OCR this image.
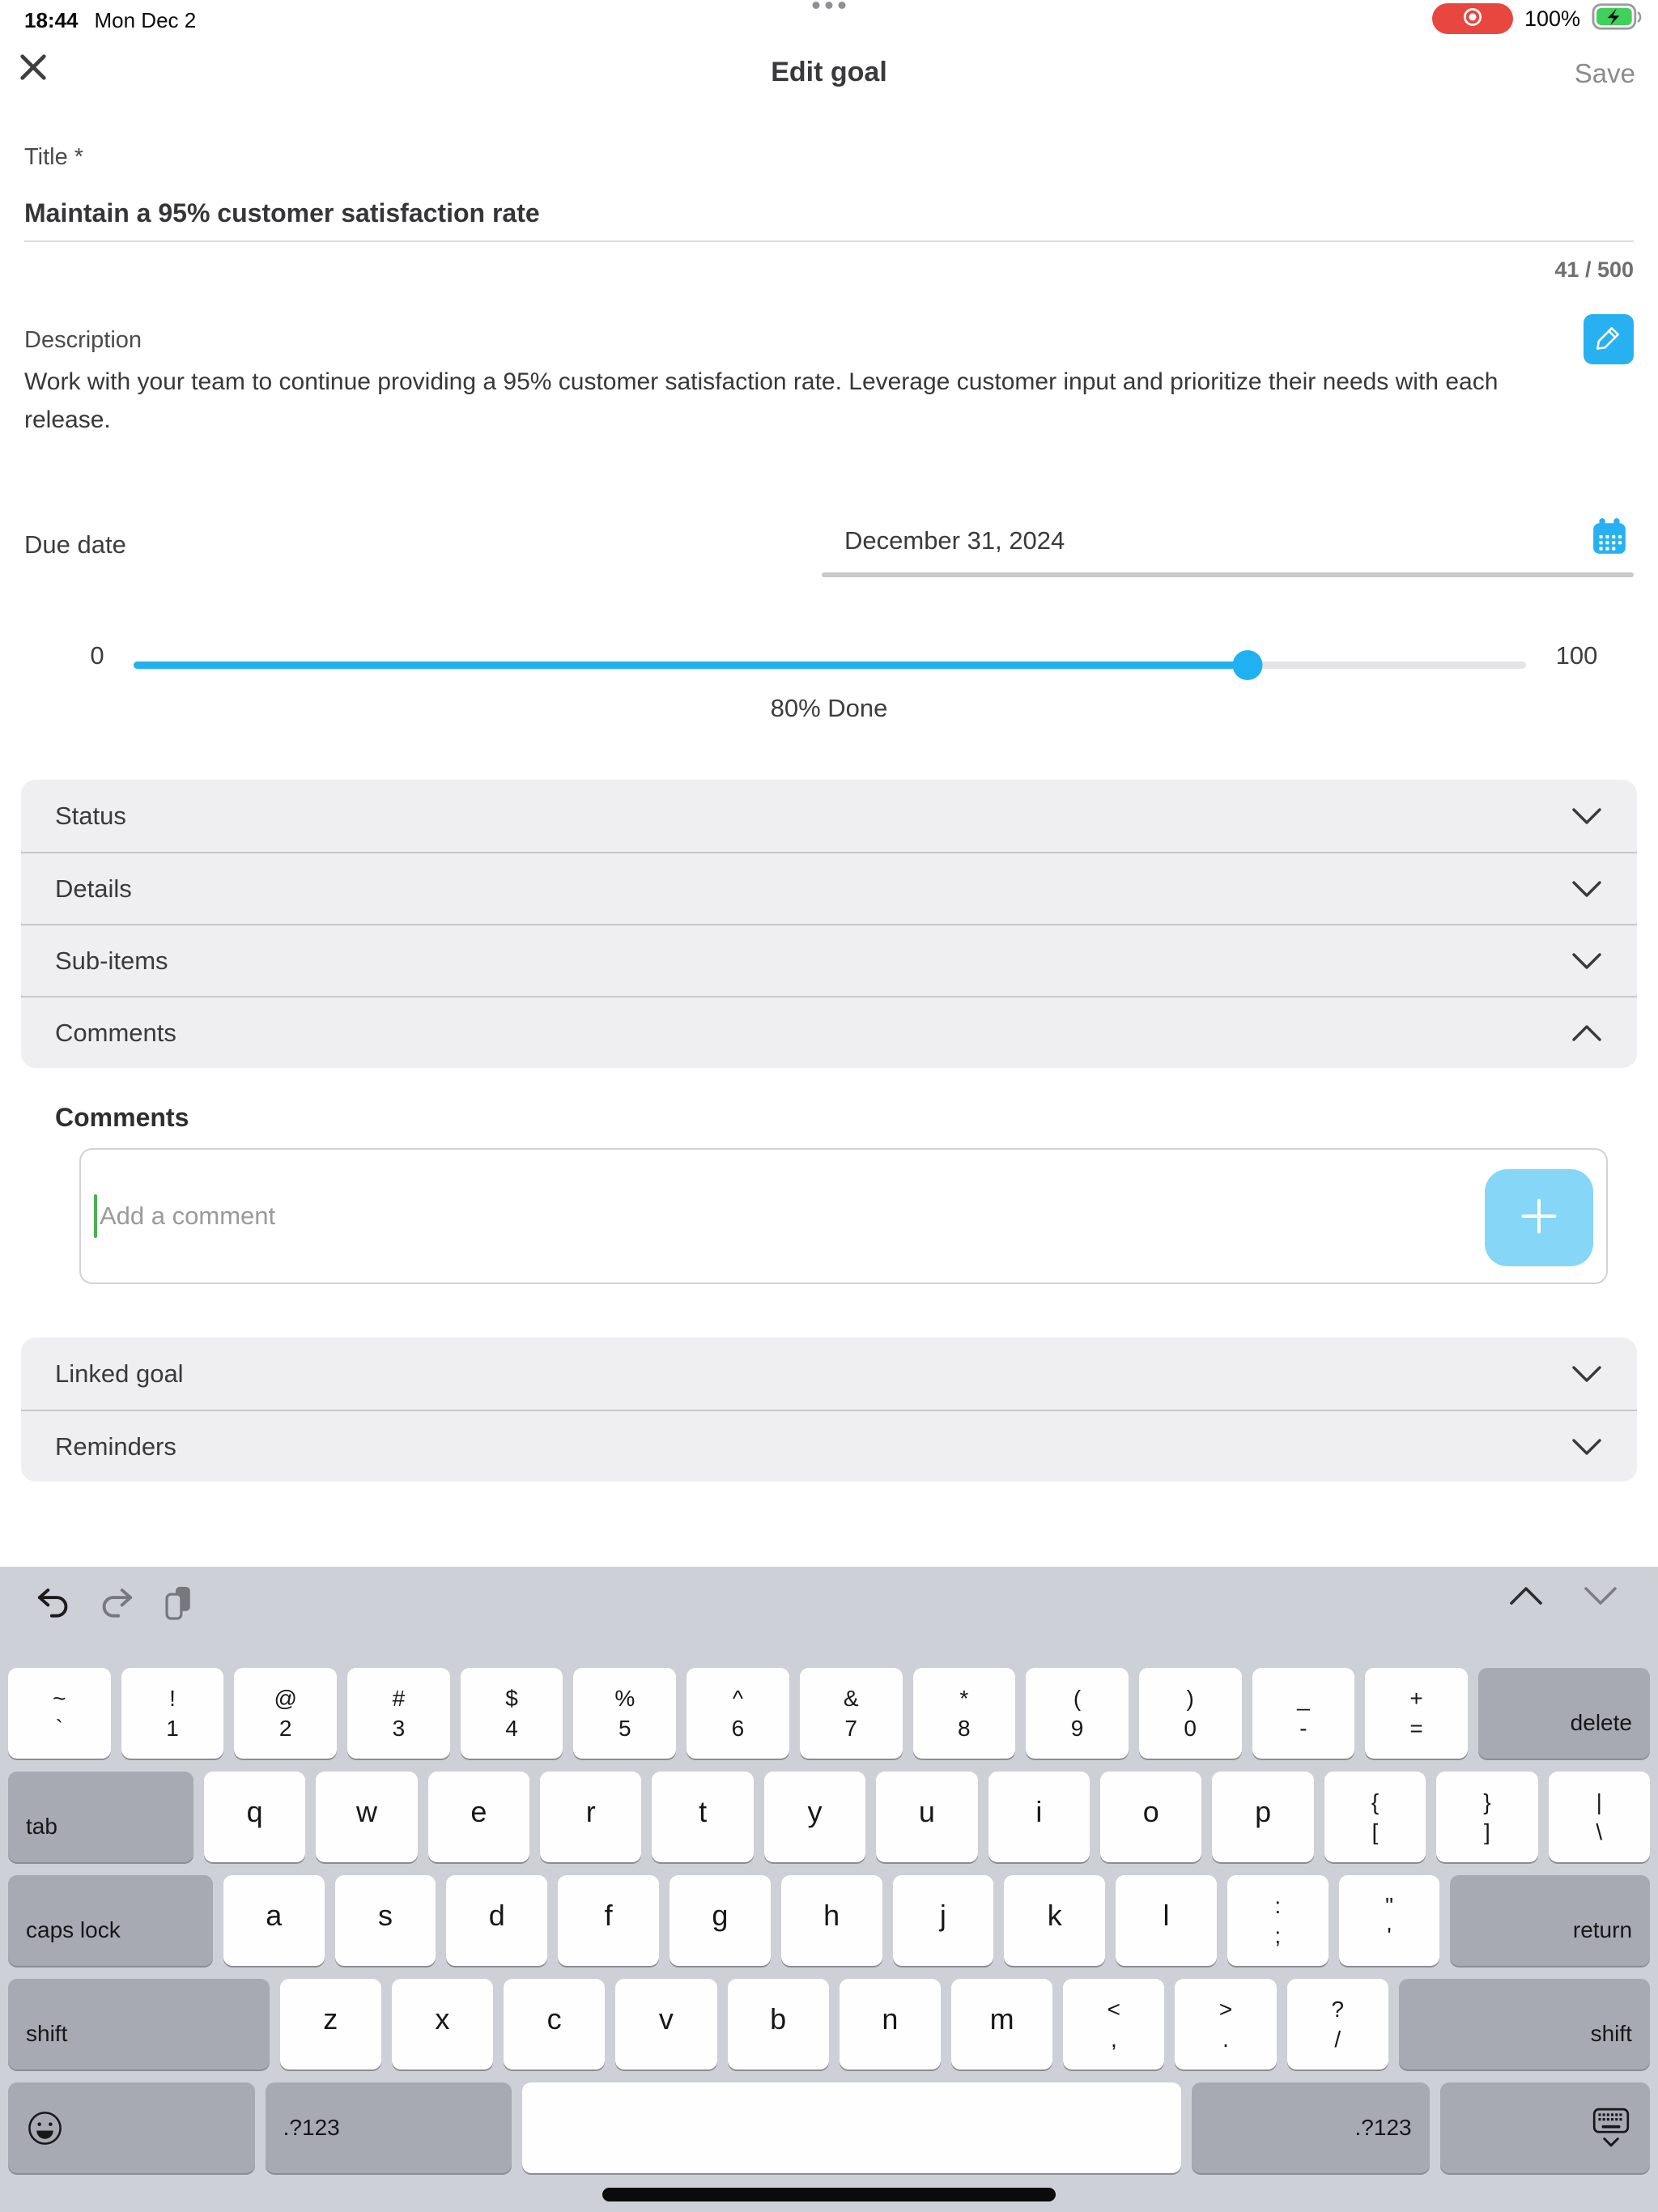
18:44 Mon Dec 2	100%
Edit goal	Save
Title *
Maintain a 95% customer satisfaction rate
41 / 500
Description
Work with your team to continue providing a 95% customer satisfaction rate. Leverage customer input and prioritize their needs with each release.
Due date	December 31, 2024
0	100
80% Done
Status
Details
Sub-items
Comments
Comments
Add a comment
Linked goal
Reminders
~
`
!
1
@
2
#
3
$
4
%
5
^
6
&
7
*
8
(
9
)
0
_
-
+
=	delete
tab	q	w	e	r	t	y	u	i	o	p	{
[
}
]
|
\
caps lock	a	s	d	f	g	h	j	k	l	:
;
"
'	return
shift	z	x	c	v	b	n	m	<
,
>
.
?
/	shift
.?123	.?123
